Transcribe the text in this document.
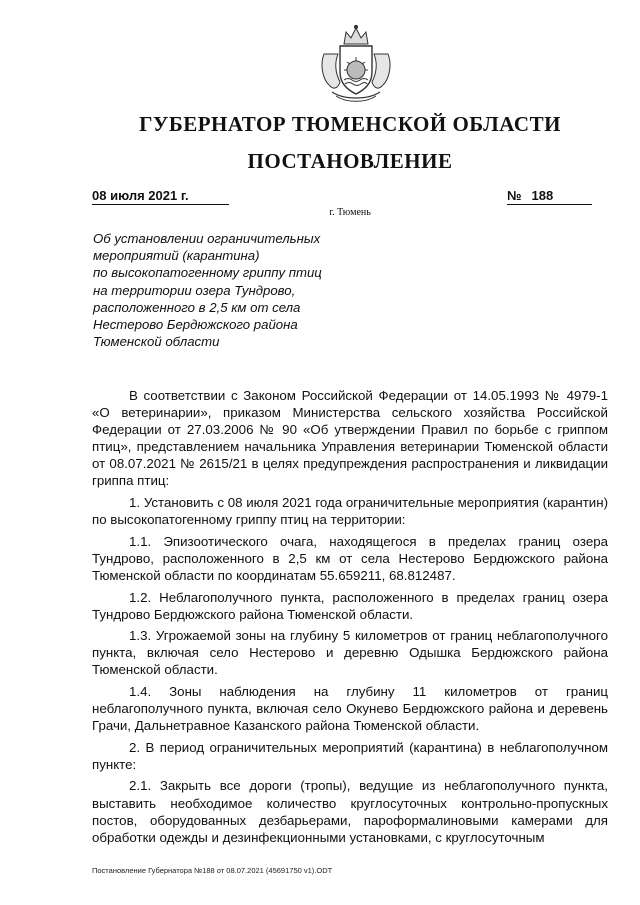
ГУБЕРНАТОР ТЮМЕНСКОЙ ОБЛАСТИ
ПОСТАНОВЛЕНИЕ
08 июля 2021 г.	№ 188
г. Тюмень
Об установлении ограничительных
мероприятий (карантина)
по высокопатогенному гриппу птиц
на территории озера Тундрово,
расположенного в 2,5 км от села
Нестерово Бердюжского района
Тюменской области

В соответствии с Законом Российской Федерации от 14.05.1993 № 4979-1 «О ветеринарии», приказом Министерства сельского хозяйства Российской Федерации от 27.03.2006 № 90 «Об утверждении Правил по борьбе с гриппом птиц», представлением начальника Управления ветеринарии Тюменской области от 08.07.2021 № 2615/21 в целях предупреждения распространения и ликвидации гриппа птиц:

1. Установить с 08 июля 2021 года ограничительные мероприятия (карантин) по высокопатогенному гриппу птиц на территории:

1.1. Эпизоотического очага, находящегося в пределах границ озера Тундрово, расположенного в 2,5 км от села Нестерово Бердюжского района Тюменской области по координатам 55.659211, 68.812487.

1.2. Неблагополучного пункта, расположенного в пределах границ озера Тундрово Бердюжского района Тюменской области.

1.3. Угрожаемой зоны на глубину 5 километров от границ неблагополучного пункта, включая село Нестерово и деревню Одышка Бердюжского района Тюменской области.

1.4. Зоны наблюдения на глубину 11 километров от границ неблагополучного пункта, включая село Окунево Бердюжского района и деревень Грачи, Дальнетравное Казанского района Тюменской области.

2. В период ограничительных мероприятий (карантина) в неблагополучном пункте:

2.1. Закрыть все дороги (тропы), ведущие из неблагополучного пункта, выставить необходимое количество круглосуточных контрольно-пропускных постов, оборудованных дезбарьерами, пароформалиновыми камерами для обработки одежды и дезинфекционными установками, с круглосуточным

Постановление Губернатора №188 от 08.07.2021 (45691750 v1).ODT
